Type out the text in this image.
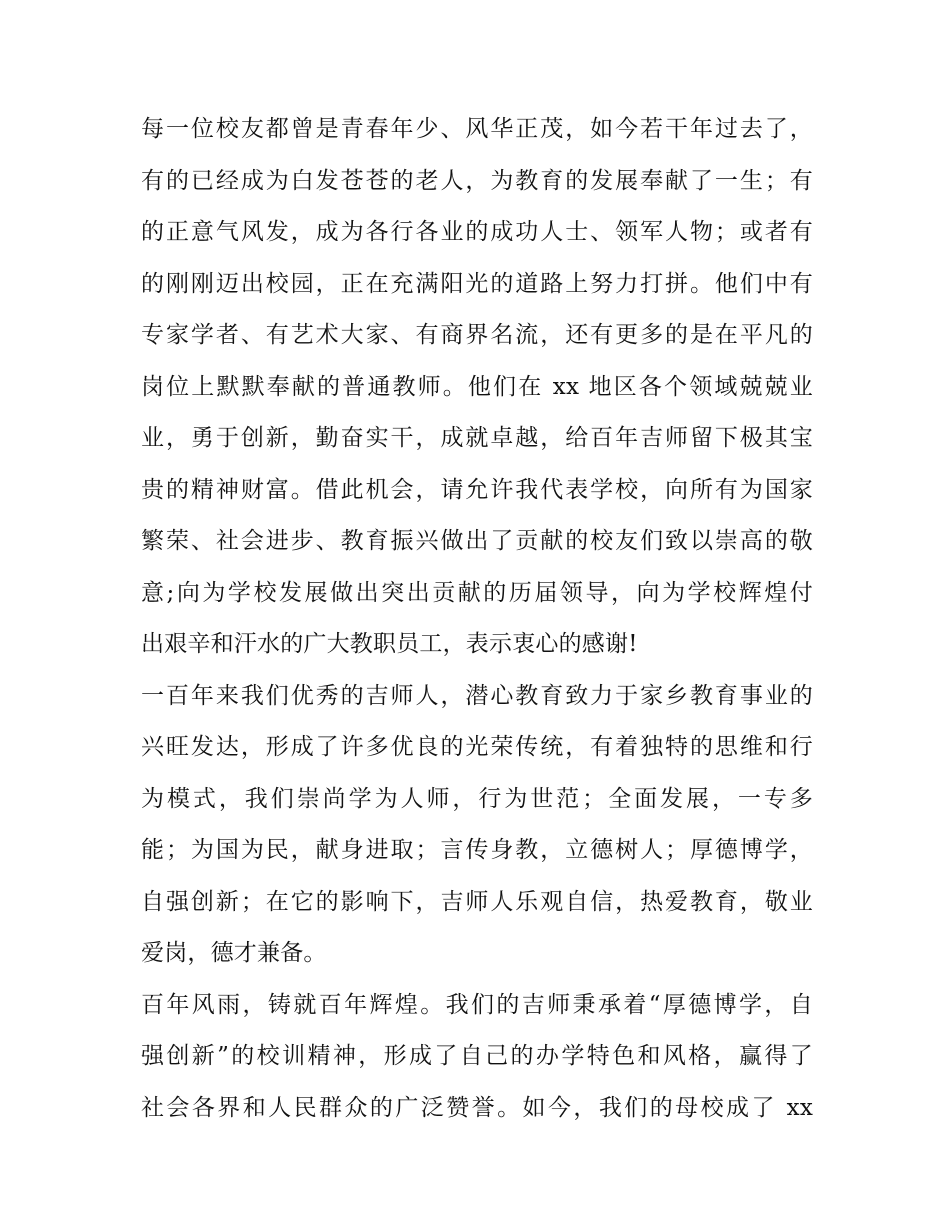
每一位校友都曾是青春年少、风华正茂，如今若干年过去了，
有的已经成为白发苍苍的老人，为教育的发展奉献了一生；有
的正意气风发，成为各行各业的成功人士、领军人物；或者有
的刚刚迈出校园，正在充满阳光的道路上努力打拼。他们中有
专家学者、有艺术大家、有商界名流，还有更多的是在平凡的
岗位上默默奉献的普通教师。他们在 xx 地区各个领域兢兢业
业，勇于创新，勤奋实干，成就卓越，给百年吉师留下极其宝
贵的精神财富。借此机会，请允许我代表学校，向所有为国家
繁荣、社会进步、教育振兴做出了贡献的校友们致以崇高的敬
意;向为学校发展做出突出贡献的历届领导，向为学校辉煌付
出艰辛和汗水的广大教职员工，表示衷心的感谢!
一百年来我们优秀的吉师人，潜心教育致力于家乡教育事业的
兴旺发达，形成了许多优良的光荣传统，有着独特的思维和行
为模式，我们崇尚学为人师，行为世范；全面发展，一专多
能；为国为民，献身进取；言传身教，立德树人；厚德博学，
自强创新；在它的影响下，吉师人乐观自信，热爱教育，敬业
爱岗，德才兼备。
百年风雨，铸就百年辉煌。我们的吉师秉承着“厚德博学，自
强创新”的校训精神，形成了自己的办学特色和风格，赢得了
社会各界和人民群众的广泛赞誉。如今，我们的母校成了 xx
